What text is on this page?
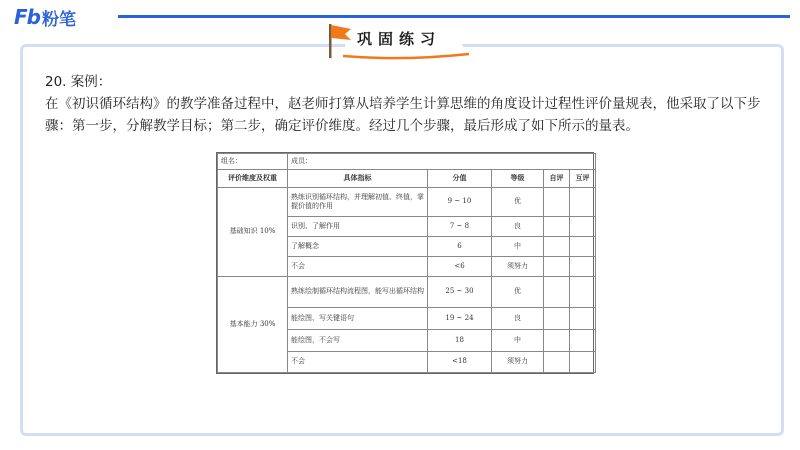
Fb 粉笔
巩固练习
20. 案例：
在《初识循环结构》的教学准备过程中，赵老师打算从培养学生计算思维的角度设计过程性评价量规表，他采取了以下步骤：第一步，分解教学目标；第二步，确定评价维度。经过几个步骤，最后形成了如下所示的量表。
组名：	成员：				
评价维度及权重	具体指标	分值	等级	自评	互评
基础知识 10%	熟练识别循环结构，并理解初值、终值，掌握价值的作用	9 ~ 10	优		
	识别、了解作用	7 ~ 8	良		
	了解概念	6	中		
	不会	<6	须努力		
基本能力 30%	熟练绘制循环结构流程图，能写出循环结构	25 ~ 30	优		
	能绘图、写关键语句	19 ~ 24	良		
	能绘图，不会写	18	中		
	不会	<18	须努力		
